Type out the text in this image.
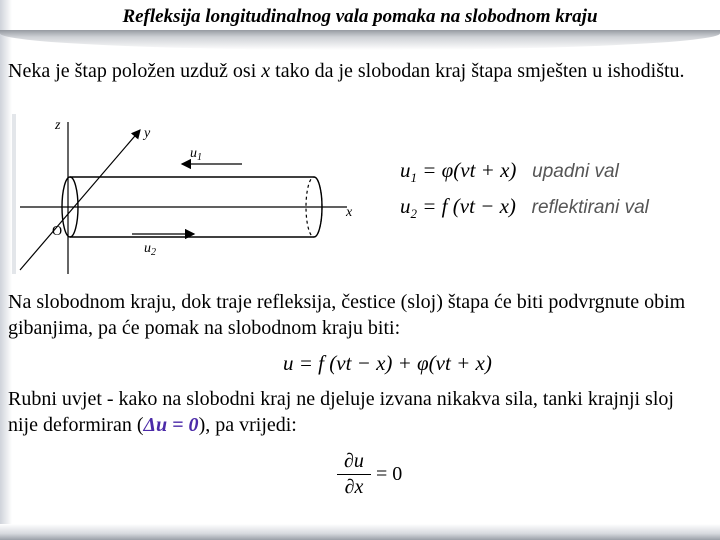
Refleksija longitudinalnog vala pomaka na slobodnom kraju
Neka je štap položen uzduž osi x tako da je slobodan kraj štapa smješten u ishodištu.
z
y
x
O
$u_1$
$u_2$
$u_1 = \varphi(vt + x)$ upadni val
$u_2 = f$ (vt − x) reflektirani val
Na slobodnom kraju, dok traje refleksija, čestice (sloj) štapa će biti podvrgnute obim gibanjima, pa će pomak na slobodnom kraju biti:
u = f (vt − x) + φ(vt + x)
Rubni uvjet - kako na slobodni kraj ne djeluje izvana nikakva sila, tanki krajnji sloj nije deformiran (Δu = 0), pa vrijedi:
$\frac{\partial u}{\partial x} = 0$
